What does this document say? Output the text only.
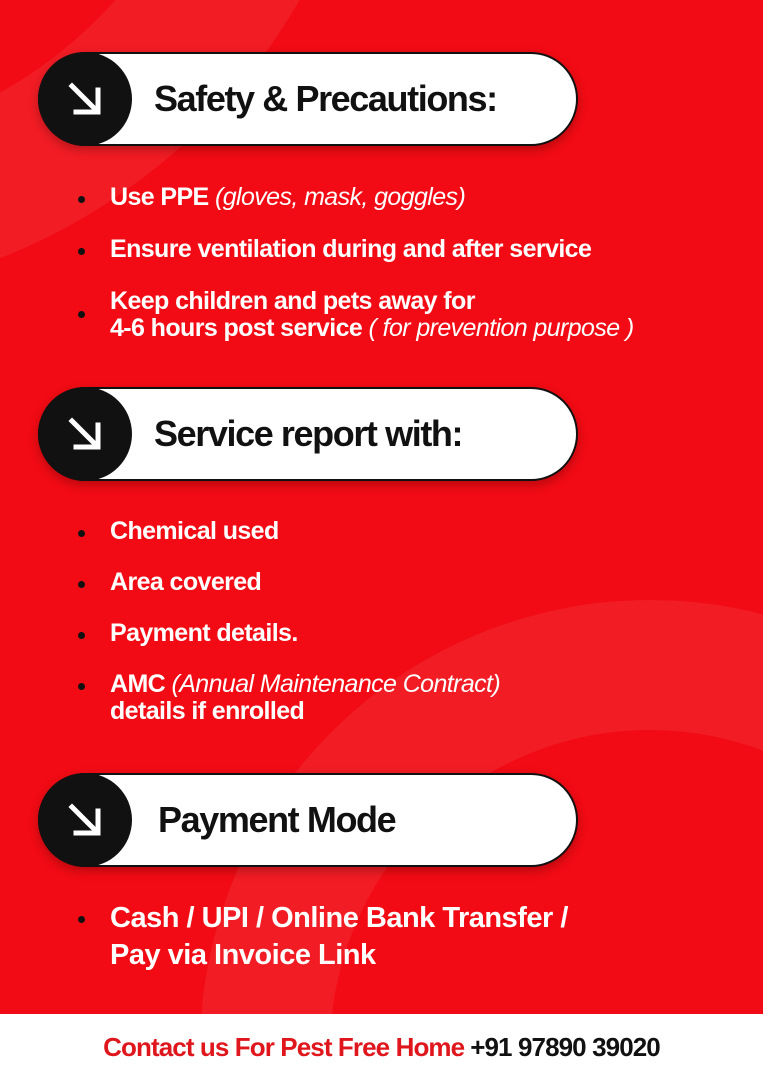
Safety & Precautions:
Use PPE (gloves, mask, goggles)
Ensure ventilation during and after service
Keep children and pets away for
4-6 hours post service ( for prevention purpose )
Service report with:
Chemical used
Area covered
Payment details.
AMC (Annual Maintenance Contract)
details if enrolled
Payment Mode
Cash / UPI / Online Bank Transfer /
Pay via Invoice Link
Contact us For Pest Free Home +91 97890 39020
